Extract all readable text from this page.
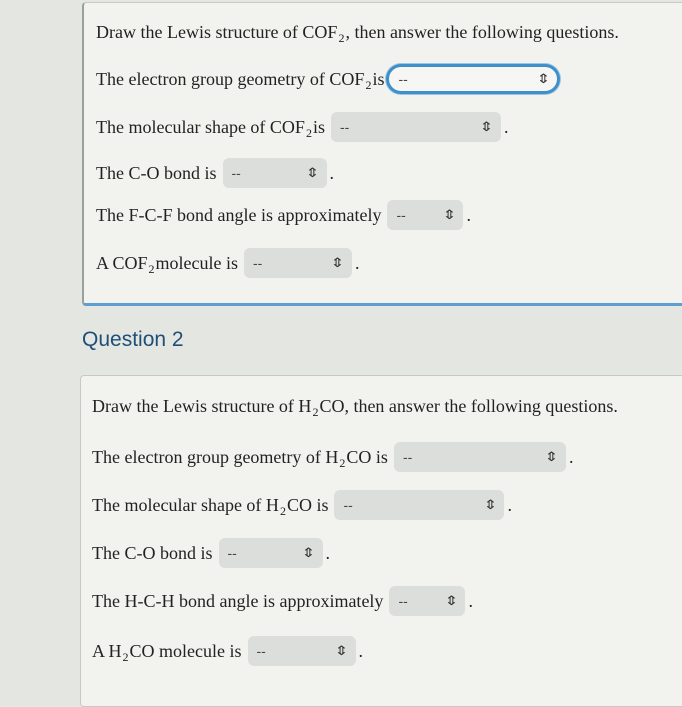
Draw the Lewis structure of COF 2 , then answer the following questions.
The electron group geometry of COF 2 is --	⇕
The molecular shape of COF 2 is --	⇕ .
The C-O bond is --	⇕ .
The F-C-F bond angle is approximately --	⇕ .
A COF 2 molecule is --	⇕ .
Question 2
Draw the Lewis structure of H 2 CO, then answer the following questions.
The electron group geometry of H 2 CO is --	⇕ .
The molecular shape of H 2 CO is --	⇕ .
The C-O bond is --	⇕ .
The H-C-H bond angle is approximately --	⇕ .
A H 2 CO molecule is --	⇕ .
